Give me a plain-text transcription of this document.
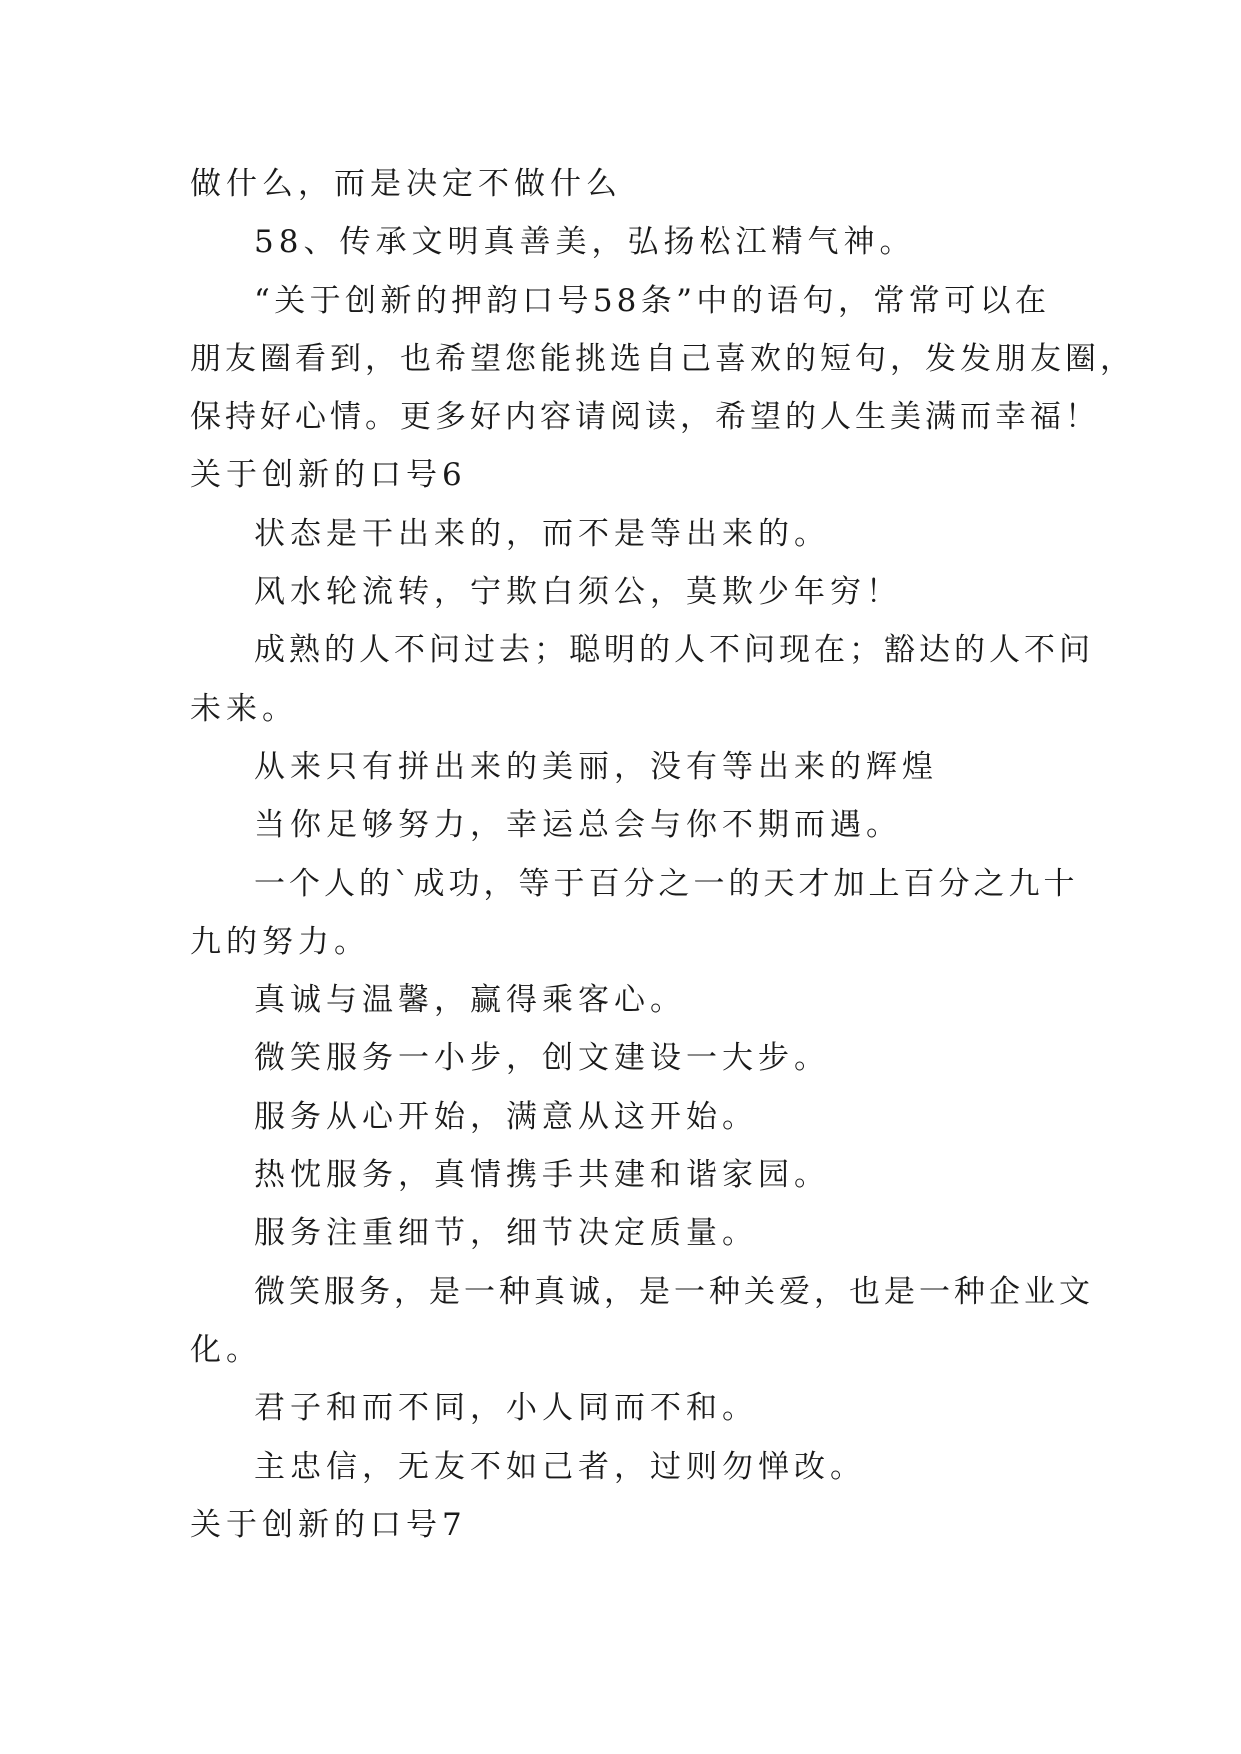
做什么，而是决定不做什么
58、传承文明真善美，弘扬松江精气神。
“关于创新的押韵口号58条”中的语句，常常可以在
朋友圈看到，也希望您能挑选自己喜欢的短句，发发朋友圈，
保持好心情。更多好内容请阅读，希望的人生美满而幸福！
关于创新的口号6
状态是干出来的，而不是等出来的。
风水轮流转，宁欺白须公，莫欺少年穷！
成熟的人不问过去；聪明的人不问现在；豁达的人不问
未来。
从来只有拼出来的美丽，没有等出来的辉煌
当你足够努力，幸运总会与你不期而遇。
一个人的`成功，等于百分之一的天才加上百分之九十
九的努力。
真诚与温馨，赢得乘客心。
微笑服务一小步，创文建设一大步。
服务从心开始，满意从这开始。
热忱服务，真情携手共建和谐家园。
服务注重细节，细节决定质量。
微笑服务，是一种真诚，是一种关爱，也是一种企业文
化。
君子和而不同，小人同而不和。
主忠信，无友不如己者，过则勿惮改。
关于创新的口号7
